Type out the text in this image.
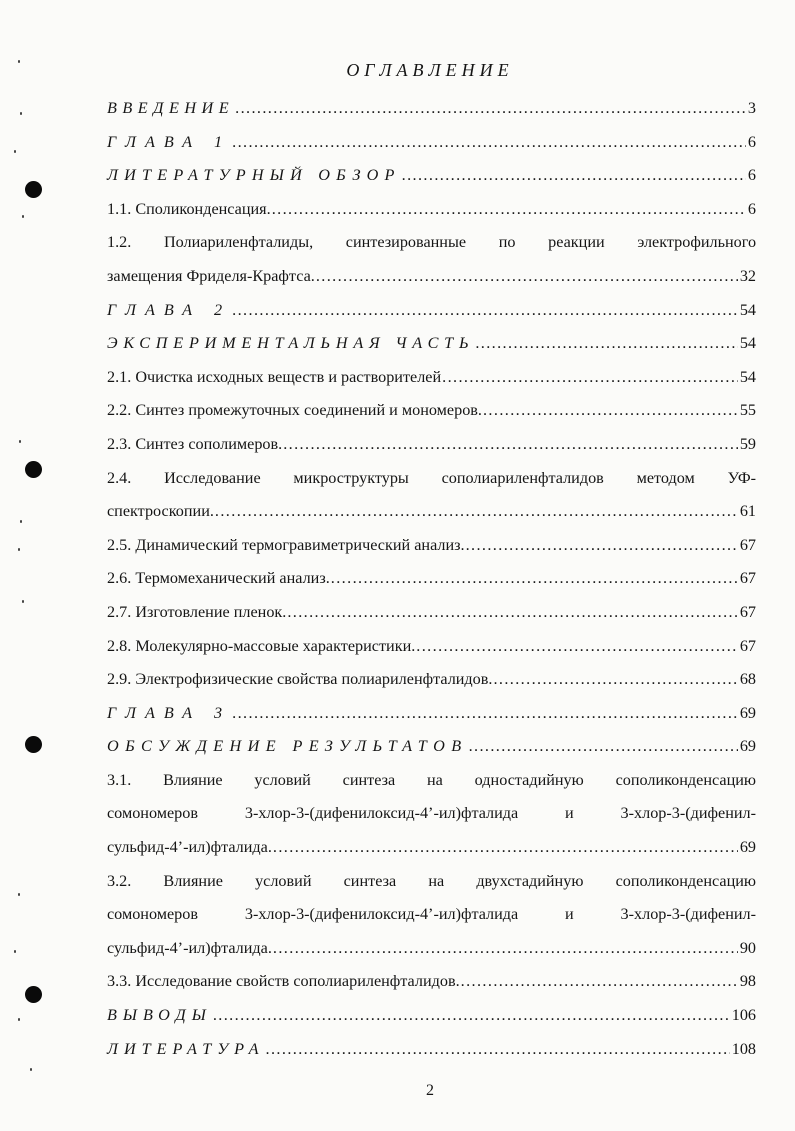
ОГЛАВЛЕНИЕ
ВВЕДЕНИЕ .....	3
ГЛАВА 1 .....	6
ЛИТЕРАТУРНЫЙ ОБЗОР .....	6
1.1. Споликонденсация. .....	6
1.2. Полиариленфталиды, синтезированные по реакции электрофильного
замещения Фриделя-Крафтса. .....	32
ГЛАВА 2 .....	54
ЭКСПЕРИМЕНТАЛЬНАЯ ЧАСТЬ .....	54
2.1. Очистка исходных веществ и растворителей .....	54
2.2. Синтез промежуточных соединений и мономеров. .....	55
2.3. Синтез сополимеров. .....	59
2.4. Исследование микроструктуры сополиариленфталидов методом УФ-
спектроскопии. .....	61
2.5. Динамический термогравиметрический анализ. .....	67
2.6. Термомеханический анализ. .....	67
2.7. Изготовление пленок. .....	67
2.8. Молекулярно-массовые характеристики. .....	67
2.9. Электрофизические свойства полиариленфталидов. .....	68
ГЛАВА 3 .....	69
ОБСУЖДЕНИЕ РЕЗУЛЬТАТОВ .....	69
3.1. Влияние условий синтеза на одностадийную сополиконденсацию
сомономеров	3-хлор-3-(дифенилоксид-4’-ил)фталида	и	3-хлор-3-(дифенил-
сульфид-4’-ил)фталида. .....	69
3.2. Влияние условий синтеза на двухстадийную сополиконденсацию
сомономеров	3-хлор-3-(дифенилоксид-4’-ил)фталида	и	3-хлор-3-(дифенил-
сульфид-4’-ил)фталида. .....	90
3.3. Исследование свойств сополиариленфталидов. .....	98
ВЫВОДЫ .....	106
ЛИТЕРАТУРА .....	108
2
